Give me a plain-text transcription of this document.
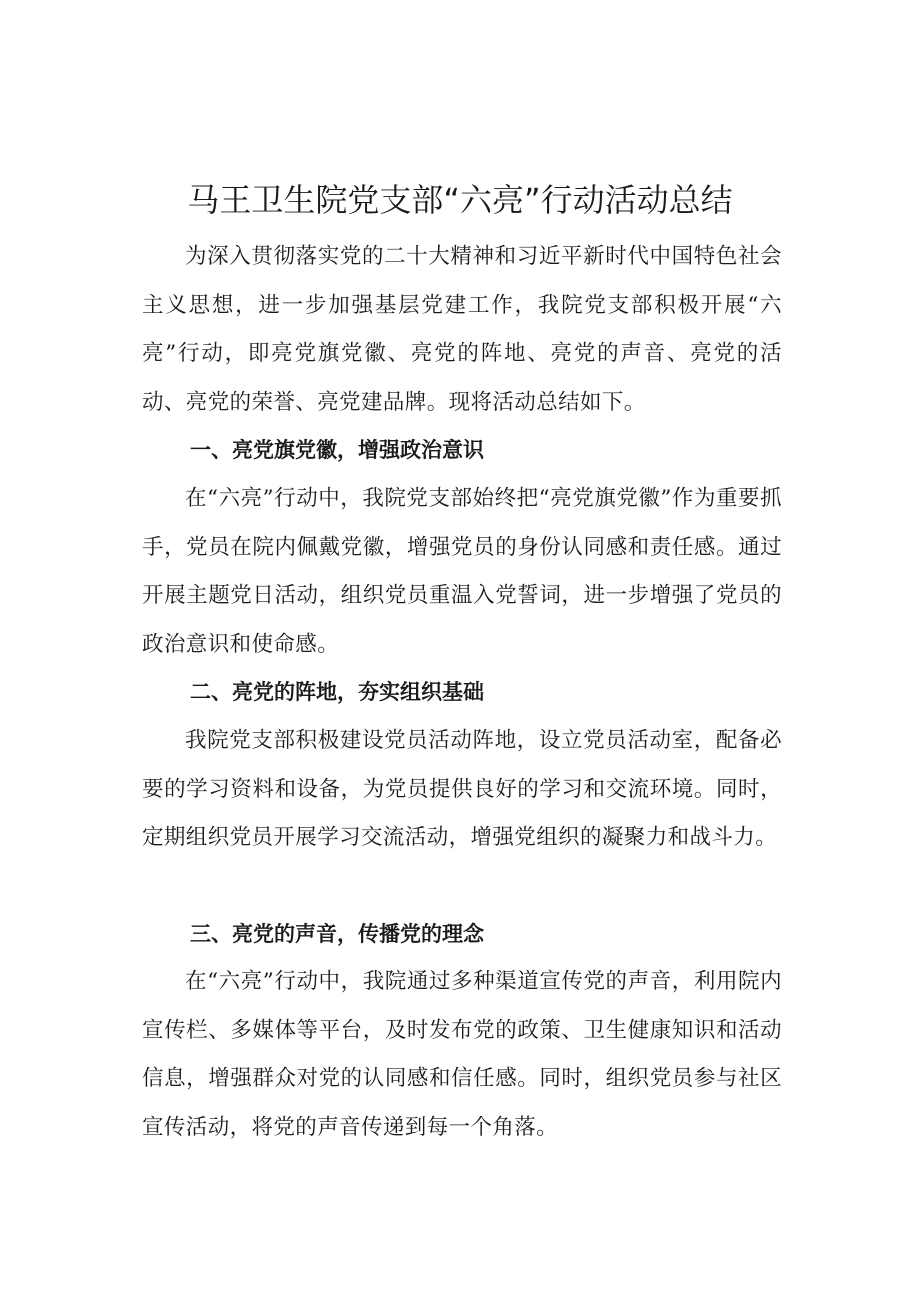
马王卫生院党支部“六亮”行动活动总结

为深入贯彻落实党的二十大精神和习近平新时代中国特色社会主义思想，进一步加强基层党建工作，我院党支部积极开展“六亮”行动，即亮党旗党徽、亮党的阵地、亮党的声音、亮党的活动、亮党的荣誉、亮党建品牌。现将活动总结如下。

一、亮党旗党徽，增强政治意识

在“六亮”行动中，我院党支部始终把“亮党旗党徽”作为重要抓手，党员在院内佩戴党徽，增强党员的身份认同感和责任感。通过开展主题党日活动，组织党员重温入党誓词，进一步增强了党员的政治意识和使命感。

二、亮党的阵地，夯实组织基础

我院党支部积极建设党员活动阵地，设立党员活动室，配备必要的学习资料和设备，为党员提供良好的学习和交流环境。同时，定期组织党员开展学习交流活动，增强党组织的凝聚力和战斗力。

三、亮党的声音，传播党的理念

在“六亮”行动中，我院通过多种渠道宣传党的声音，利用院内宣传栏、多媒体等平台，及时发布党的政策、卫生健康知识和活动信息，增强群众对党的认同感和信任感。同时，组织党员参与社区宣传活动，将党的声音传递到每一个角落。
